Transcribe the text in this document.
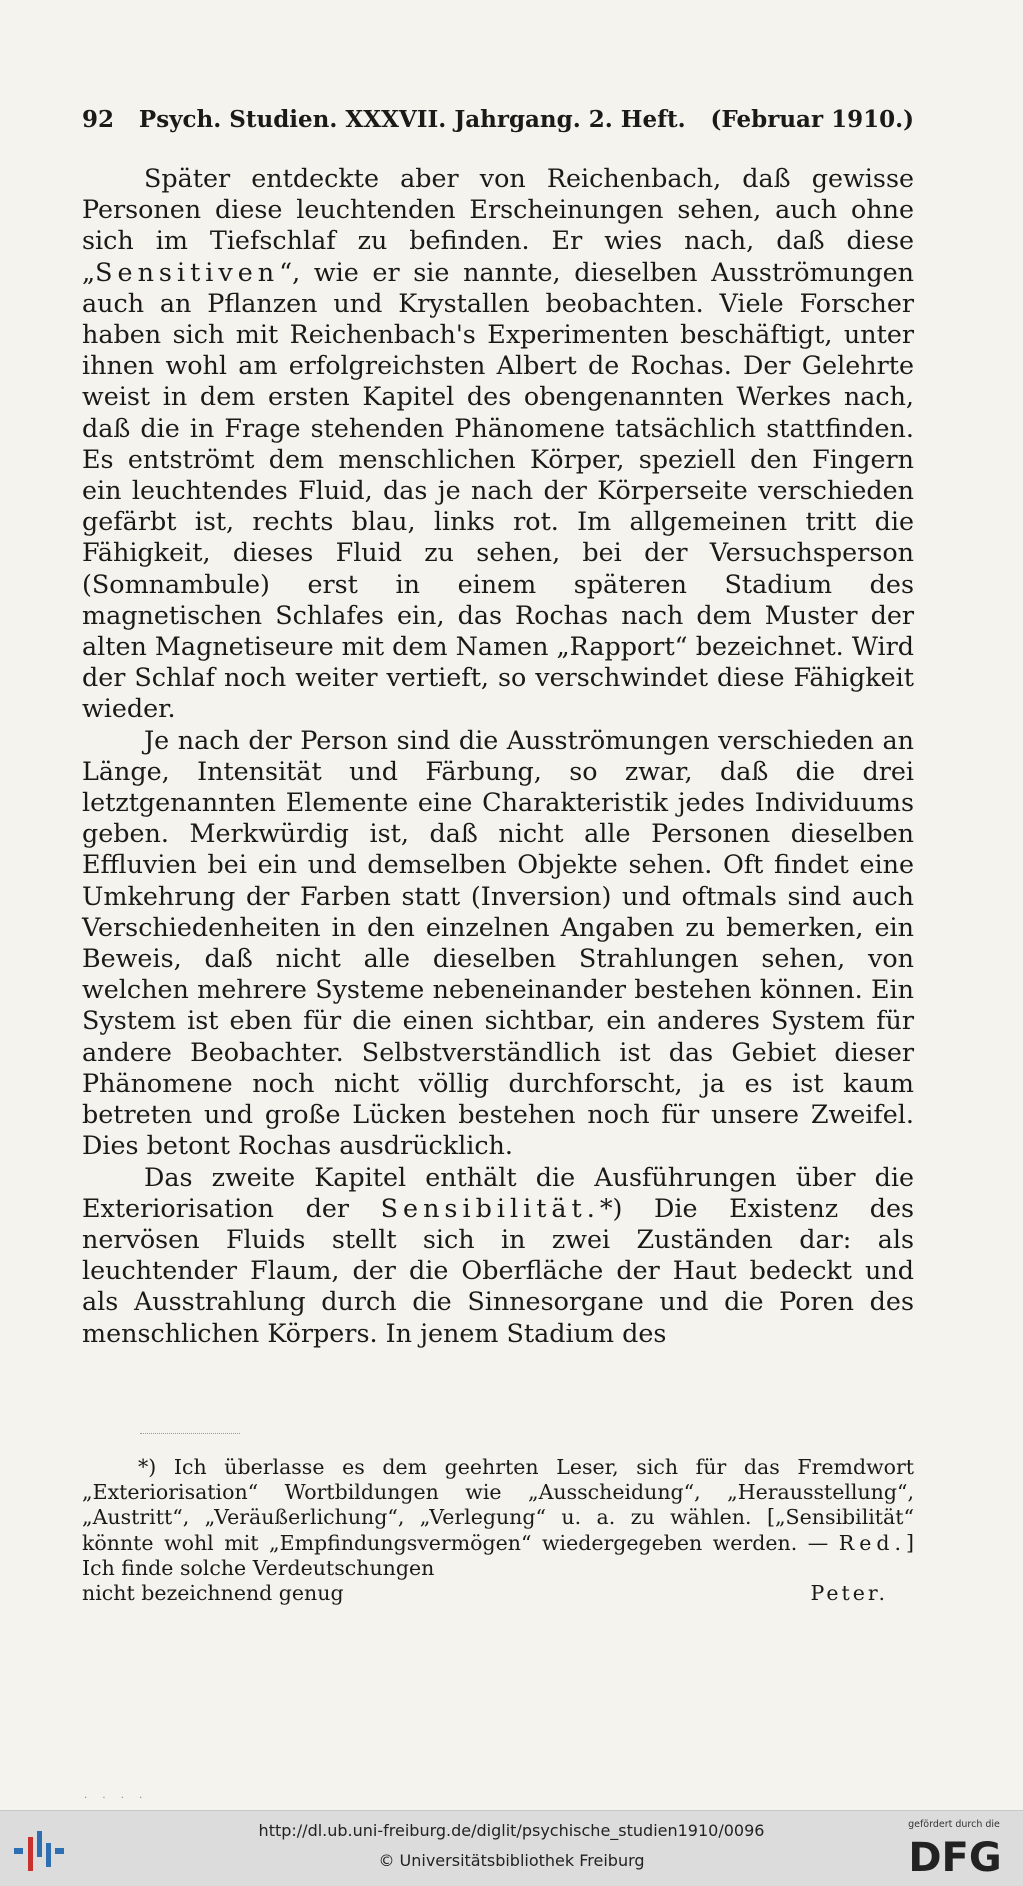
92 Psych. Studien. XXXVII. Jahrgang. 2. Heft. (Februar 1910.)

Später entdeckte aber von Reichenbach, daß gewisse Personen diese leuchtenden Erscheinungen sehen, auch ohne sich im Tiefschlaf zu befinden. Er wies nach, daß diese „Sensitiven“, wie er sie nannte, dieselben Ausströmungen auch an Pflanzen und Krystallen beobachten. Viele Forscher haben sich mit Reichenbach's Experimenten beschäftigt, unter ihnen wohl am erfolgreichsten Albert de Rochas. Der Gelehrte weist in dem ersten Kapitel des obengenannten Werkes nach, daß die in Frage stehenden Phänomene tatsächlich stattfinden. Es entströmt dem menschlichen Körper, speziell den Fingern ein leuchtendes Fluid, das je nach der Körperseite verschieden gefärbt ist, rechts blau, links rot. Im allgemeinen tritt die Fähigkeit, dieses Fluid zu sehen, bei der Versuchsperson (Somnambule) erst in einem späteren Stadium des magnetischen Schlafes ein, das Rochas nach dem Muster der alten Magnetiseure mit dem Namen „Rapport“ bezeichnet. Wird der Schlaf noch weiter vertieft, so verschwindet diese Fähigkeit wieder.

Je nach der Person sind die Ausströmungen verschieden an Länge, Intensität und Färbung, so zwar, daß die drei letztgenannten Elemente eine Charakteristik jedes Individuums geben. Merkwürdig ist, daß nicht alle Personen dieselben Effluvien bei ein und demselben Objekte sehen. Oft findet eine Umkehrung der Farben statt (Inversion) und oftmals sind auch Verschiedenheiten in den einzelnen Angaben zu bemerken, ein Beweis, daß nicht alle dieselben Strahlungen sehen, von welchen mehrere Systeme nebeneinander bestehen können. Ein System ist eben für die einen sichtbar, ein anderes System für andere Beobachter. Selbstverständlich ist das Gebiet dieser Phänomene noch nicht völlig durchforscht, ja es ist kaum betreten und große Lücken bestehen noch für unsere Zweifel. Dies betont Rochas ausdrücklich.

Das zweite Kapitel enthält die Ausführungen über die Exteriorisation der Sensibilität.*) Die Existenz des nervösen Fluids stellt sich in zwei Zuständen dar: als leuchtender Flaum, der die Oberfläche der Haut bedeckt und als Ausstrahlung durch die Sinnesorgane und die Poren des menschlichen Körpers. In jenem Stadium des

*) Ich überlasse es dem geehrten Leser, sich für das Fremdwort „Exteriorisation“ Wortbildungen wie „Ausscheidung“, „Herausstellung“, „Austritt“, „Veräußerlichung“, „Verlegung“ u. a. zu wählen. [„Sensibilität“ könnte wohl mit „Empfindungsvermögen“ wiedergegeben werden. — Red.] Ich finde solche Verdeutschungen

nicht bezeichnend genug	Peter.
· · · ·
http://dl.ub.uni-freiburg.de/diglit/psychische_studien1910/0096
© Universitätsbibliothek Freiburg
gefördert durch die
DFG
